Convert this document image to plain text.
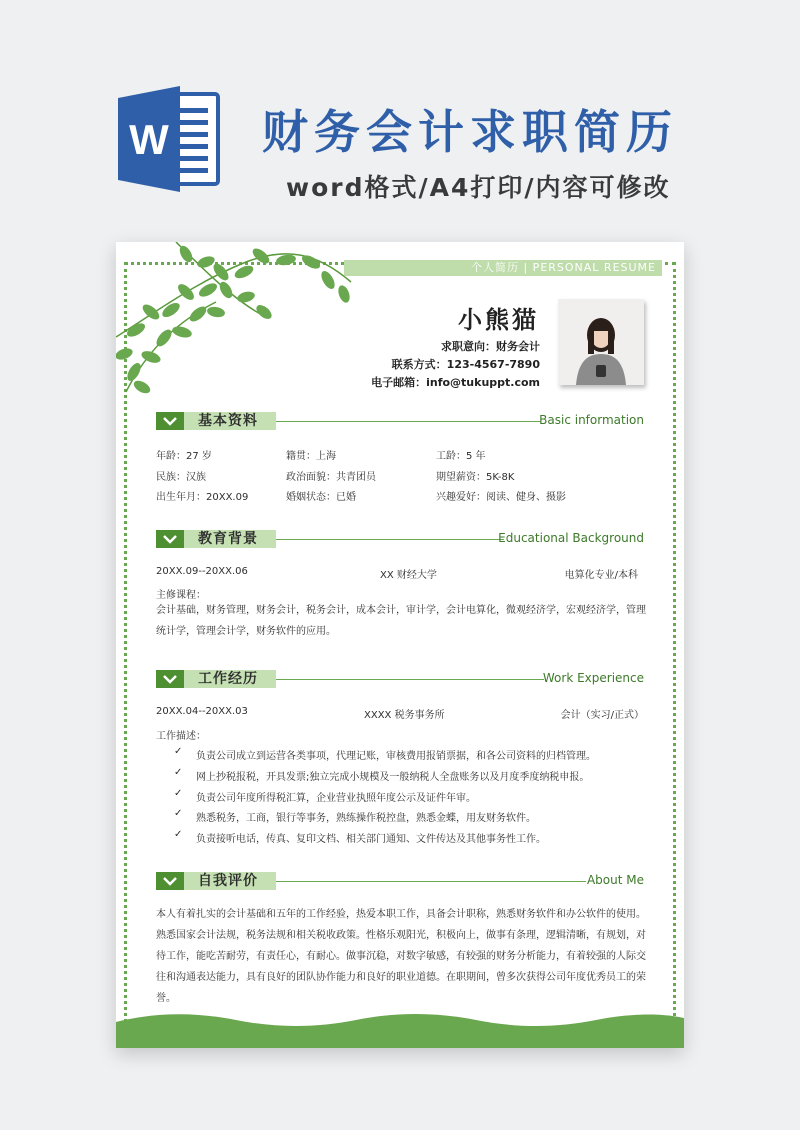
W 财务会计求职简历
word格式/A4打印/内容可修改
个人简历 | PERSONAL RESUME
小熊猫
求职意向：财务会计
联系方式：123-4567-7890
电子邮箱：info@tukuppt.com
基本资料	Basic information
年龄：27 岁	籍贯：上海	工龄：5 年
民族：汉族	政治面貌：共青团员	期望薪资：5K-8K
出生年月：20XX.09	婚姻状态：已婚	兴趣爱好：阅读、健身、摄影
教育背景	Educational Background
20XX.09--20XX.06	XX 财经大学	电算化专业/本科
主修课程：
会计基础，财务管理，财务会计，税务会计，成本会计，审计学，会计电算化，微观经济学，宏观经济学，管理统计学，管理会计学，财务软件的应用。
工作经历	Work Experience
20XX.04--20XX.03	XXXX 税务事务所	会计（实习/正式）
工作描述：
✓ 负责公司成立到运营各类事项，代理记账，审核费用报销票据，和各公司资料的归档管理。
✓ 网上抄税报税，开具发票;独立完成小规模及一般纳税人全盘账务以及月度季度纳税申报。
✓ 负责公司年度所得税汇算，企业营业执照年度公示及证件年审。
✓ 熟悉税务，工商，银行等事务，熟练操作税控盘，熟悉金蝶，用友财务软件。
✓ 负责接听电话，传真、复印文档、相关部门通知、文件传达及其他事务性工作。
自我评价	About Me
本人有着扎实的会计基础和五年的工作经验，热爱本职工作，具备会计职称，熟悉财务软件和办公软件的使用。熟悉国家会计法规，税务法规和相关税收政策。性格乐观阳光，积极向上，做事有条理，逻辑清晰，有规划，对待工作，能吃苦耐劳，有责任心，有耐心。做事沉稳，对数字敏感，有较强的财务分析能力，有着较强的人际交往和沟通表达能力，具有良好的团队协作能力和良好的职业道德。在职期间，曾多次获得公司年度优秀员工的荣誉。
